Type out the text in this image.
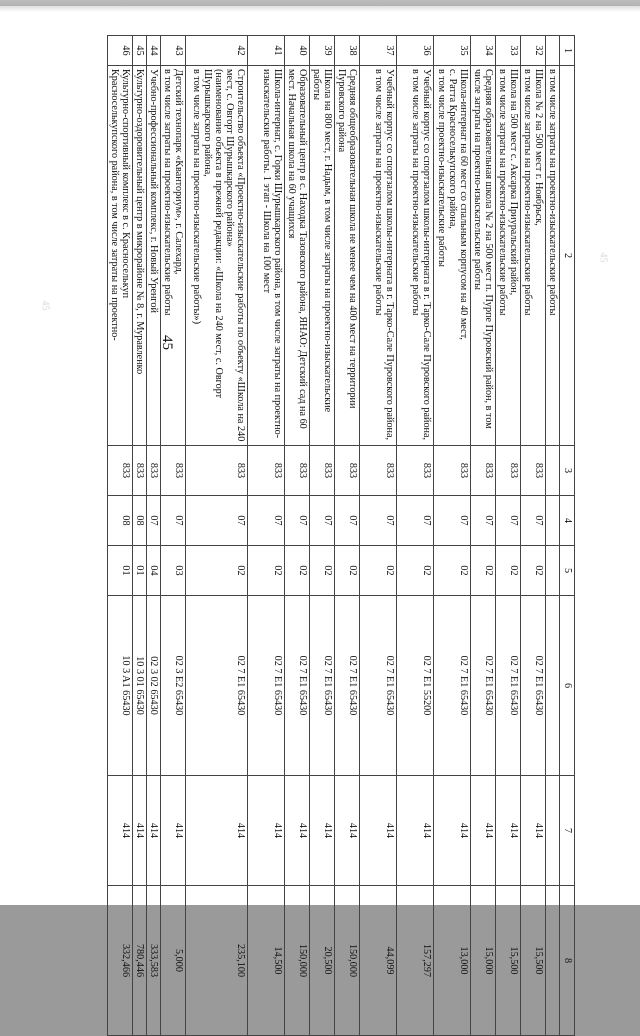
1	2	3	4	5	6	7	8
	в том числе затраты на проектно-изыскательские работы						
32	Школа № 2 на 500 мест г. Ноябрьск,
в том числе затраты на проектно-изыскательские работы	833	07	02	02 7 E1 65430	414	15,500
33	Школа на 500 мест с. Аксарка Приуральский район,
в том числе затраты на проектно-изыскательские работы	833	07	02	02 7 E1 65430	414	15,500
34	Средняя образовательная школа № 2 на 500 мест п. Пурпе Пуровский район, в том числе затраты на проектно-изыскательские работы	833	07	02	02 7 E1 65430	414	15,000
35	Школа-интернат на 60 мест со спальным корпусом на 40 мест,
с. Ратта Красноселькупского района,
в том числе проектно-изыскательские работы	833	07	02	02 7 E1 65430	414	13,000
36	Учебный корпус со спортзалом школы-интерната в г. Тарко-Сале Пуровского района, в том числе затраты на проектно-изыскательские работы	833	07	02	02 7 E1 55200	414	157,297
37	Учебный корпус со спортзалом школы-интерната в г. Тарко-Сале Пуровского района, в том числе затраты на проектно-изыскательские работы	833	07	02	02 7 E1 65430	414	44,099
38	Средняя общеобразовательная школа не менее чем на 400 мест на территории Пуровского района	833	07	02	02 7 E1 65430	414	150,000
39	Школа на 800 мест, г. Надым, в том числе затраты на проектно-изыскательские работы	833	07	02	02 7 E1 65430	414	20,500
40	Образовательный центр в с. Находка Тазовского района, ЯНАО: Детский сад на 60 мест. Начальная школа на 60 учащихся	833	07	02	02 7 E1 65430	414	150,000
41	Школа-интернат, с. Горки Шурышкарского района, в том числе затраты на проектно-изыскательские работы. 1 этап - Школа на 100 мест	833	07	02	02 7 E1 65430	414	14,500
42	Строительство объекта «Проектно-изыскательские работы по объекту «Школа на 240 мест, с. Овгорт Шурышкарского района»
(наименование объекта в прежней редакции: «Школа на 240 мест, с. Овгорт Шурышкарского района,
в том числе затраты на проектно-изыскательские работы»)	833	07	02	02 7 E1 65430	414	235,100
43	Детский технопарк «Кванториум», г. Салехард,
в том числе затраты на проектно-изыскательские работы	833	07	03	02 3 E2 65430	414	5,000
44	Учебно-профессиональный комплекс, г. Новый Уренгой	833	07	04	02 3 02 65430	414	333,583
45	Культурно-оздоровительный центр в микрорайоне № 8, г. Муравленко	833	08	01	10 3 01 65430	414	780,446
46	Культурно-спортивный комплекс в с. Красноселькуп
Красноселькупского района, в том числе затраты на проектно-	833	08	01	10 3 A1 65430	414	332,466
45
45
45
